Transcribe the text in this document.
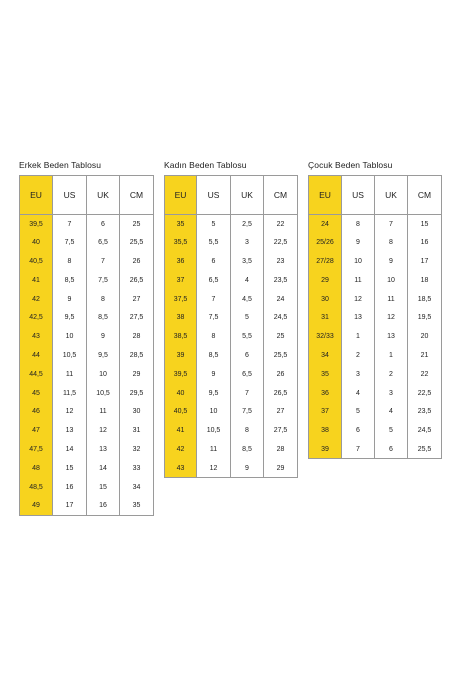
Erkek Beden Tablosu
EU	US	UK	CM
39,5	7	6	25
40	7,5	6,5	25,5
40,5	8	7	26
41	8,5	7,5	26,5
42	9	8	27
42,5	9,5	8,5	27,5
43	10	9	28
44	10,5	9,5	28,5
44,5	11	10	29
45	11,5	10,5	29,5
46	12	11	30
47	13	12	31
47,5	14	13	32
48	15	14	33
48,5	16	15	34
49	17	16	35
Kadın Beden Tablosu
EU	US	UK	CM
35	5	2,5	22
35,5	5,5	3	22,5
36	6	3,5	23
37	6,5	4	23,5
37,5	7	4,5	24
38	7,5	5	24,5
38,5	8	5,5	25
39	8,5	6	25,5
39,5	9	6,5	26
40	9,5	7	26,5
40,5	10	7,5	27
41	10,5	8	27,5
42	11	8,5	28
43	12	9	29
Çocuk Beden Tablosu
EU	US	UK	CM
24	8	7	15
25/26	9	8	16
27/28	10	9	17
29	11	10	18
30	12	11	18,5
31	13	12	19,5
32/33	1	13	20
34	2	1	21
35	3	2	22
36	4	3	22,5
37	5	4	23,5
38	6	5	24,5
39	7	6	25,5
